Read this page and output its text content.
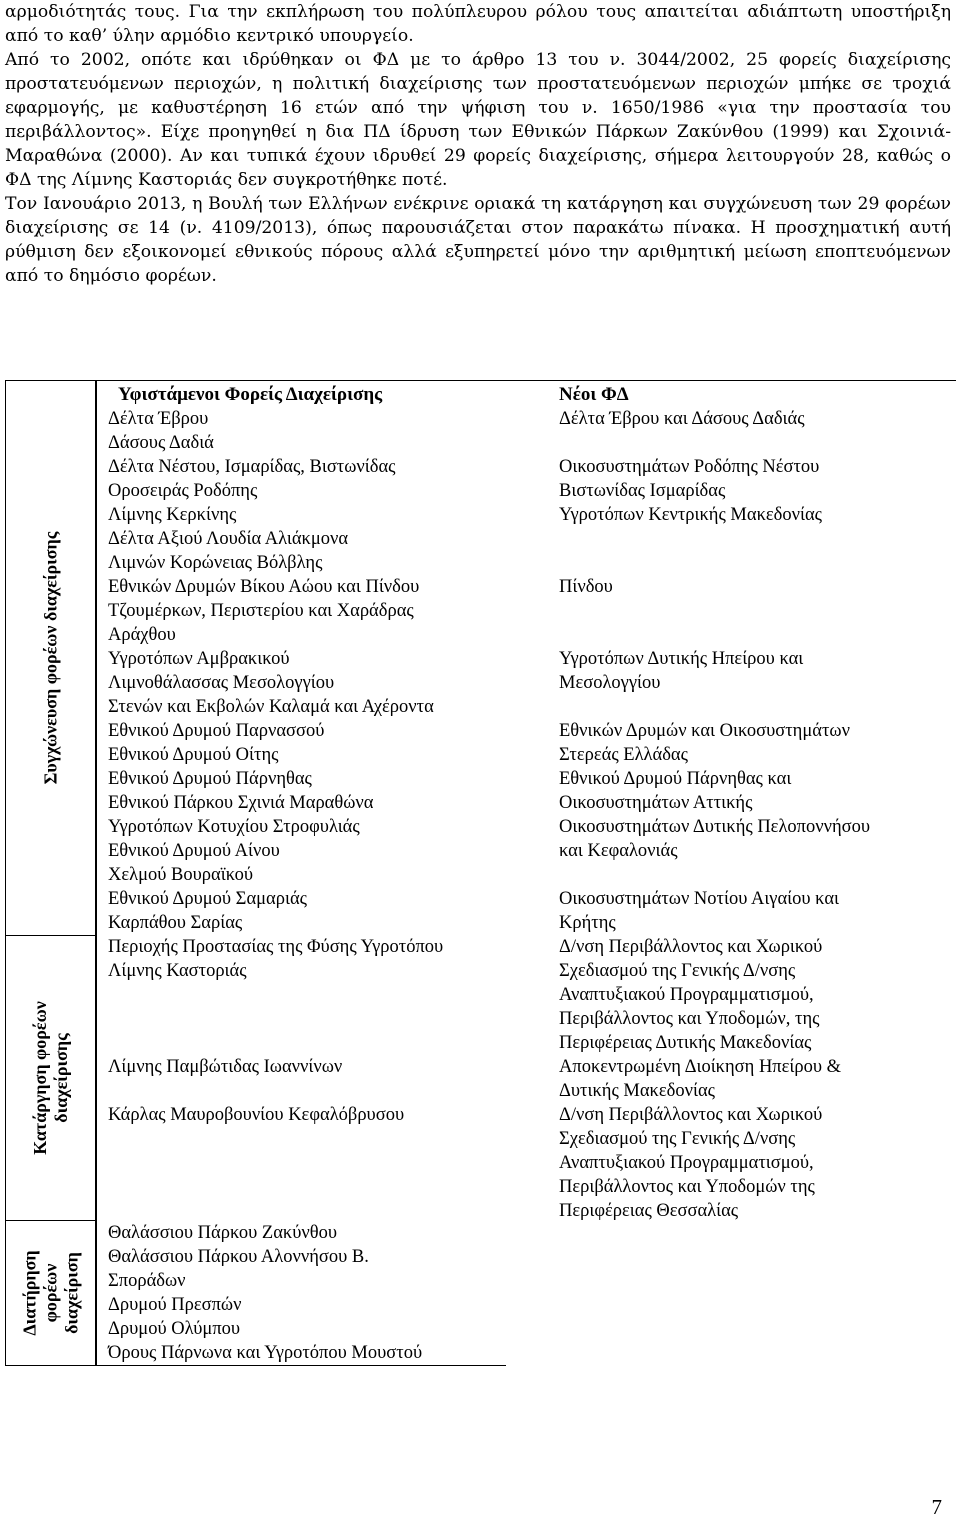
αρμοδιότητάς τους. Για την εκπλήρωση του πολύπλευρου ρόλου τους απαιτείται αδιάπτωτη υποστήριξη από το καθ’ ύλην αρμόδιο κεντρικό υπουργείο.

Από το 2002, οπότε και ιδρύθηκαν οι ΦΔ με το άρθρο 13 του ν. 3044/2002, 25 φορείς διαχείρισης προστατευόμενων περιοχών, η πολιτική διαχείρισης των προστατευόμενων περιοχών μπήκε σε τροχιά εφαρμογής, με καθυστέρηση 16 ετών από την ψήφιση του ν. 1650/1986 «για την προστασία του περιβάλλοντος». Είχε προηγηθεί η δια ΠΔ ίδρυση των Εθνικών Πάρκων Ζακύνθου (1999) και Σχοινιά-Μαραθώνα (2000). Αν και τυπικά έχουν ιδρυθεί 29 φορείς διαχείρισης, σήμερα λειτουργούν 28, καθώς ο ΦΔ της Λίμνης Καστοριάς δεν συγκροτήθηκε ποτέ.

Τον Ιανουάριο 2013, η Βουλή των Ελλήνων ενέκρινε οριακά τη κατάργηση και συγχώνευση των 29 φορέων διαχείρισης σε 14 (ν. 4109/2013), όπως παρουσιάζεται στον παρακάτω πίνακα. Η προσχηματική αυτή ρύθμιση δεν εξοικονομεί εθνικούς πόρους αλλά εξυπηρετεί μόνο την αριθμητική μείωση εποπτευόμενων από το δημόσιο φορέων.

Συγχώνευση φορέων διαχείρισης
Κατάργηση φορέων
διαχείρισης
Διατήρηση
φορέων
διαχείριση
Υφιστάμενοι Φορείς Διαχείρισης	Νέοι ΦΔ
Δέλτα Έβρου
Δάσους Δαδιά
Δέλτα Νέστου, Ισμαρίδας, Βιστωνίδας
Οροσειράς Ροδόπης
Λίμνης Κερκίνης
Δέλτα Αξιού Λουδία Αλιάκμονα
Λιμνών Κορώνειας Βόλβλης
Εθνικών Δρυμών Βίκου Αώου και Πίνδου
Τζουμέρκων, Περιστερίου και Χαράδρας
Αράχθου
Υγροτόπων Αμβρακικού
Λιμνοθάλασσας Μεσολογγίου
Στενών και Εκβολών Καλαμά και Αχέροντα
Εθνικού Δρυμού Παρνασσού
Εθνικού Δρυμού Οίτης
Εθνικού Δρυμού Πάρνηθας
Εθνικού Πάρκου Σχινιά Μαραθώνα
Υγροτόπων Κοτυχίου Στροφυλιάς
Εθνικού Δρυμού Αίνου
Χελμού Βουραϊκού
Εθνικού Δρυμού Σαμαριάς
Καρπάθου Σαρίας
Περιοχής Προστασίας της Φύσης Υγροτόπου
Λίμνης Καστοριάς
Λίμνης Παμβώτιδας Ιωαννίνων
Κάρλας Μαυροβουνίου Κεφαλόβρυσου
Θαλάσσιου Πάρκου Ζακύνθου
Θαλάσσιου Πάρκου Αλοννήσου Β.
Σποράδων
Δρυμού Πρεσπών
Δρυμού Ολύμπου
Όρους Πάρνωνα και Υγροτόπου Μουστού
Δέλτα Έβρου και Δάσους Δαδιάς
Οικοσυστημάτων Ροδόπης Νέστου
Βιστωνίδας Ισμαρίδας
Υγροτόπων Κεντρικής Μακεδονίας
Πίνδου
Υγροτόπων Δυτικής Ηπείρου και
Μεσολογγίου
Εθνικών Δρυμών και Οικοσυστημάτων
Στερεάς Ελλάδας
Εθνικού Δρυμού Πάρνηθας και
Οικοσυστημάτων Αττικής
Οικοσυστημάτων Δυτικής Πελοποννήσου
και Κεφαλονιάς
Οικοσυστημάτων Νοτίου Αιγαίου και
Κρήτης
Δ/νση Περιβάλλοντος και Χωρικού
Σχεδιασμού της Γενικής Δ/νσης
Αναπτυξιακού Προγραμματισμού,
Περιβάλλοντος και Υποδομών, της
Περιφέρειας Δυτικής Μακεδονίας
Αποκεντρωμένη Διοίκηση Ηπείρου &
Δυτικής Μακεδονίας
Δ/νση Περιβάλλοντος και Χωρικού
Σχεδιασμού της Γενικής Δ/νσης
Αναπτυξιακού Προγραμματισμού,
Περιβάλλοντος και Υποδομών της
Περιφέρειας Θεσσαλίας
7
